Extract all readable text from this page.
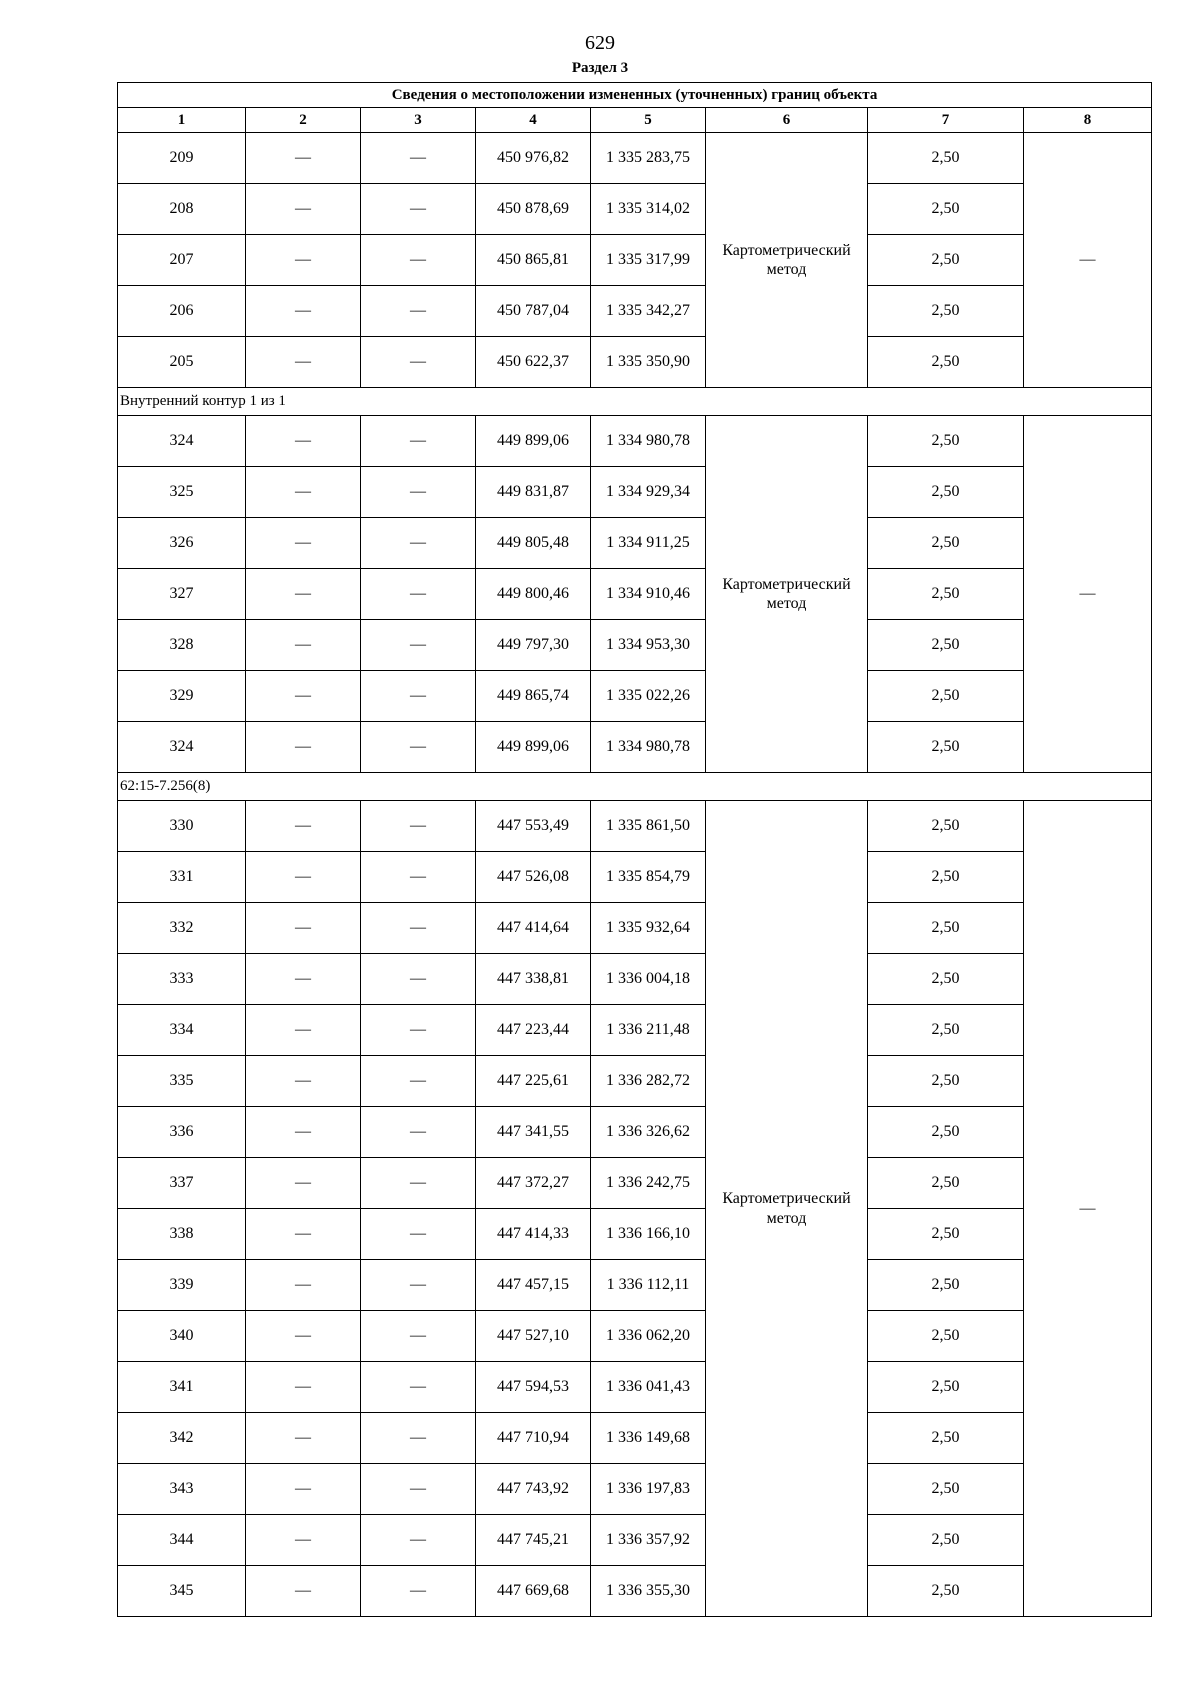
629
Раздел 3
Сведения о местоположении измененных (уточненных) границ объекта							
1	2	3	4	5	6	7	8
209	—	—	450 976,82	1 335 283,75	Картометрический метод	2,50	—
208	—	—	450 878,69	1 335 314,02		2,50	
207	—	—	450 865,81	1 335 317,99		2,50	
206	—	—	450 787,04	1 335 342,27		2,50	
205	—	—	450 622,37	1 335 350,90		2,50	
Внутренний контур 1 из 1							
324	—	—	449 899,06	1 334 980,78	Картометрический метод	2,50	—
325	—	—	449 831,87	1 334 929,34		2,50	
326	—	—	449 805,48	1 334 911,25		2,50	
327	—	—	449 800,46	1 334 910,46		2,50	
328	—	—	449 797,30	1 334 953,30		2,50	
329	—	—	449 865,74	1 335 022,26		2,50	
324	—	—	449 899,06	1 334 980,78		2,50	
62:15-7.256(8)							
330	—	—	447 553,49	1 335 861,50	Картометрический метод	2,50	—
331	—	—	447 526,08	1 335 854,79		2,50	
332	—	—	447 414,64	1 335 932,64		2,50	
333	—	—	447 338,81	1 336 004,18		2,50	
334	—	—	447 223,44	1 336 211,48		2,50	
335	—	—	447 225,61	1 336 282,72		2,50	
336	—	—	447 341,55	1 336 326,62		2,50	
337	—	—	447 372,27	1 336 242,75		2,50	
338	—	—	447 414,33	1 336 166,10		2,50	
339	—	—	447 457,15	1 336 112,11		2,50	
340	—	—	447 527,10	1 336 062,20		2,50	
341	—	—	447 594,53	1 336 041,43		2,50	
342	—	—	447 710,94	1 336 149,68		2,50	
343	—	—	447 743,92	1 336 197,83		2,50	
344	—	—	447 745,21	1 336 357,92		2,50	
345	—	—	447 669,68	1 336 355,30		2,50	
